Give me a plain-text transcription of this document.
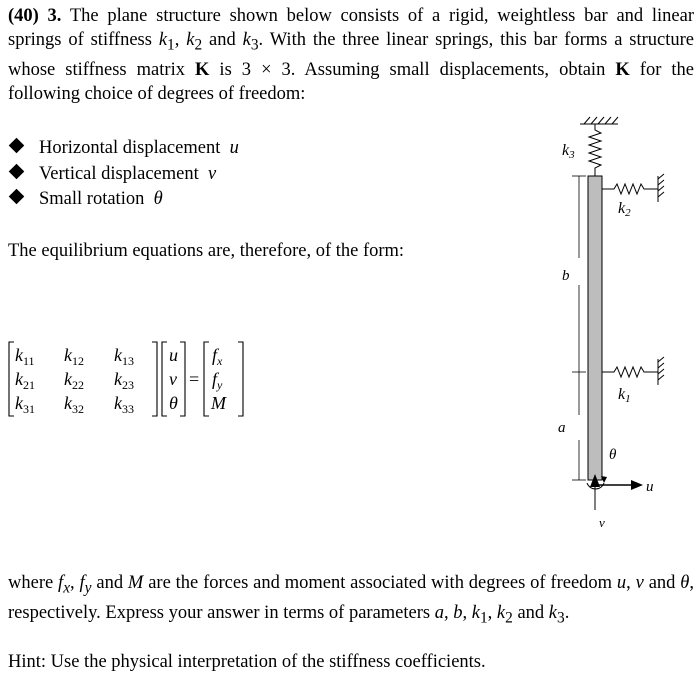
(40) 3. The plane structure shown below consists of a rigid, weightless bar and linear springs of stiffness $k_1$, $k_2$ and $k_3$. With the three linear springs, this bar forms a structure whose stiffness matrix K is 3 × 3. Assuming small displacements, obtain K for the following choice of degrees of freedom:
Horizontal displacement u
Vertical displacement v
Small rotation θ
The equilibrium equations are, therefore, of the form:
$k_{11}$ $k_{12}$ $k_{13}$
$k_{21}$ $k_{22}$ $k_{23}$
$k_{31}$ $k_{32}$ $k_{33}$
u
v
θ
=
$f_x$
$f_y$
M
k3
k2
k1
b
a
θ
u
v
where $f_x$, $f_y$ and M are the forces and moment associated with degrees of freedom u, v and θ, respectively. Express your answer in terms of parameters a, b, $k_1$, $k_2$ and $k_3$.
Hint: Use the physical interpretation of the stiffness coefficients.
